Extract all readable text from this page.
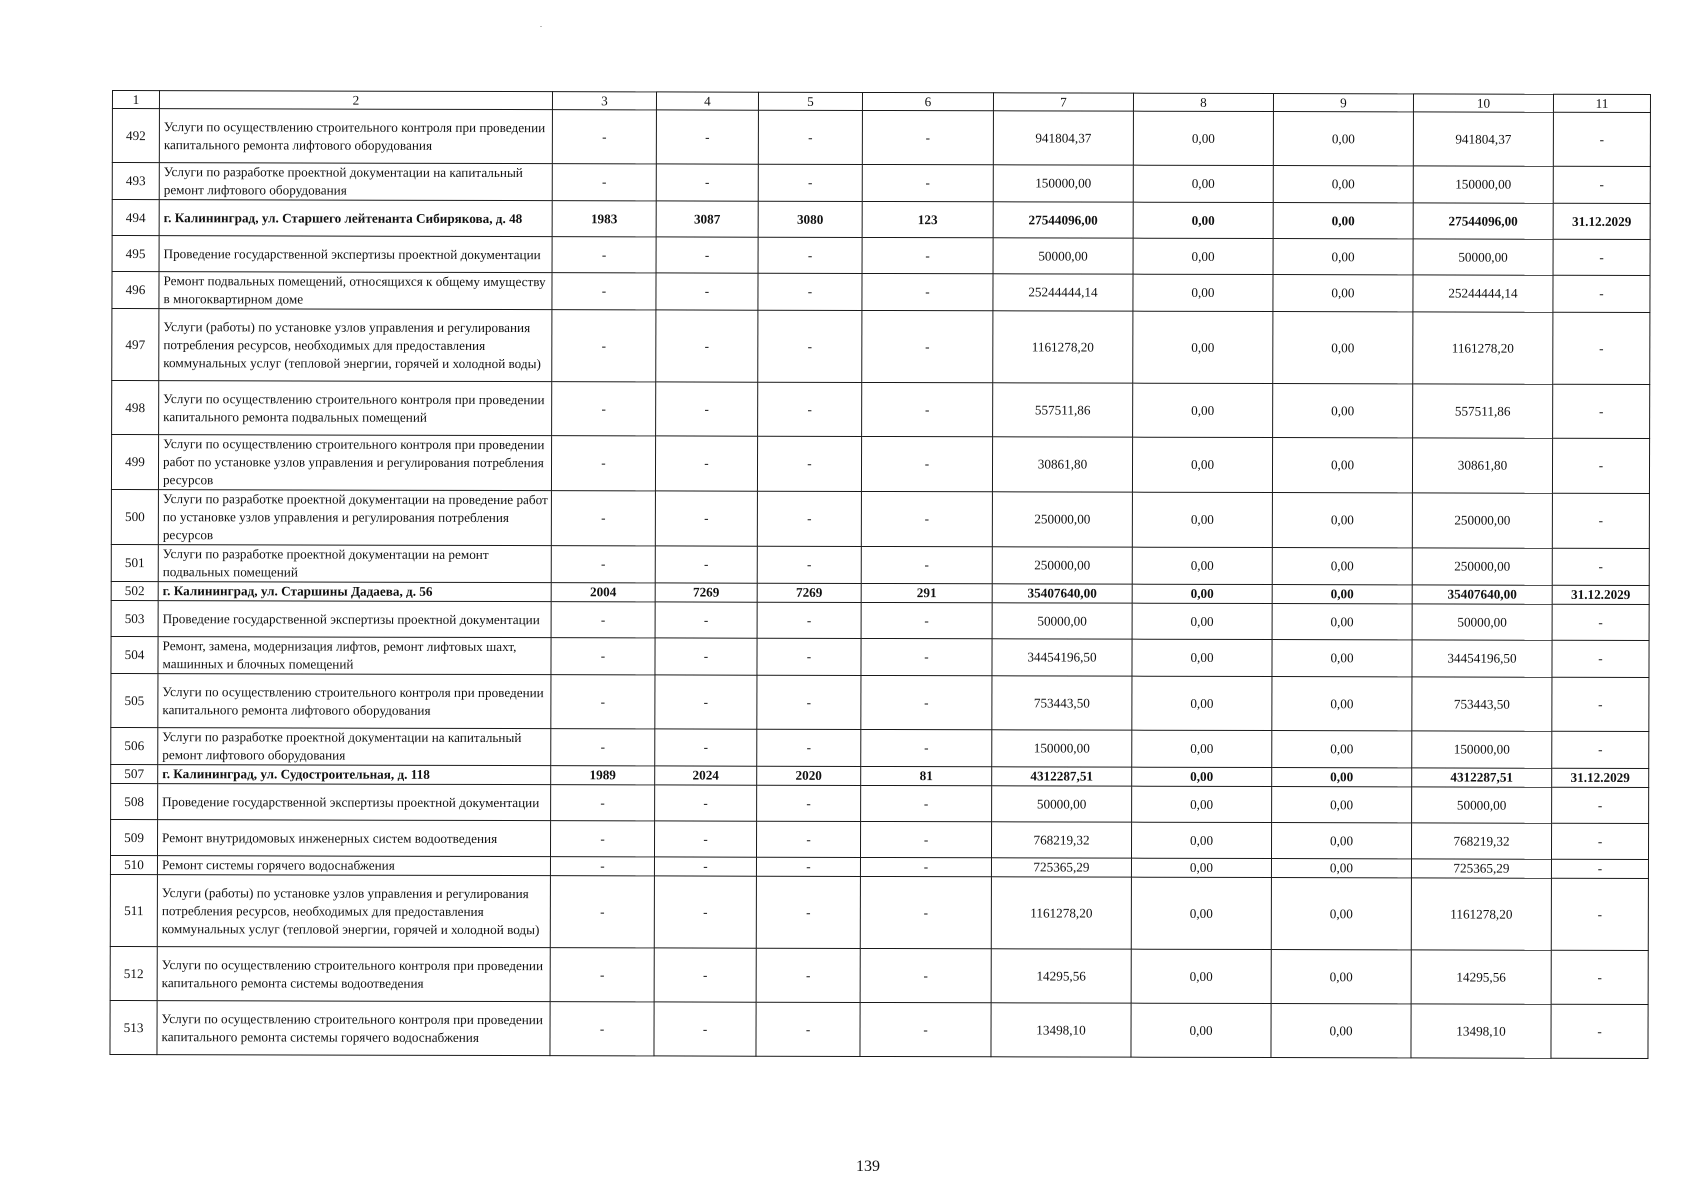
1	2	3	4	5	6	7	8	9	10	11
492	Услуги по осуществлению строительного контроля при проведении капитального ремонта лифтового оборудования	-	-	-	-	941804,37	0,00	0,00	941804,37	-
493	Услуги по разработке проектной документации на капитальный ремонт лифтового оборудования	-	-	-	-	150000,00	0,00	0,00	150000,00	-
494	г. Калининград, ул. Старшего лейтенанта Сибирякова, д. 48	1983	3087	3080	123	27544096,00	0,00	0,00	27544096,00	31.12.2029
495	Проведение государственной экспертизы проектной документации	-	-	-	-	50000,00	0,00	0,00	50000,00	-
496	Ремонт подвальных помещений, относящихся к общему имуществу в многоквартирном доме	-	-	-	-	25244444,14	0,00	0,00	25244444,14	-
497	Услуги (работы) по установке узлов управления и регулирования потребления ресурсов, необходимых для предоставления коммунальных услуг (тепловой энергии, горячей и холодной воды)	-	-	-	-	1161278,20	0,00	0,00	1161278,20	-
498	Услуги по осуществлению строительного контроля при проведении капитального ремонта подвальных помещений	-	-	-	-	557511,86	0,00	0,00	557511,86	-
499	Услуги по осуществлению строительного контроля при проведении работ по установке узлов управления и регулирования потребления ресурсов	-	-	-	-	30861,80	0,00	0,00	30861,80	-
500	Услуги по разработке проектной документации на проведение работ по установке узлов управления и регулирования потребления ресурсов	-	-	-	-	250000,00	0,00	0,00	250000,00	-
501	Услуги по разработке проектной документации на ремонт подвальных помещений	-	-	-	-	250000,00	0,00	0,00	250000,00	-
502	г. Калининград, ул. Старшины Дадаева, д. 56	2004	7269	7269	291	35407640,00	0,00	0,00	35407640,00	31.12.2029
503	Проведение государственной экспертизы проектной документации	-	-	-	-	50000,00	0,00	0,00	50000,00	-
504	Ремонт, замена, модернизация лифтов, ремонт лифтовых шахт, машинных и блочных помещений	-	-	-	-	34454196,50	0,00	0,00	34454196,50	-
505	Услуги по осуществлению строительного контроля при проведении капитального ремонта лифтового оборудования	-	-	-	-	753443,50	0,00	0,00	753443,50	-
506	Услуги по разработке проектной документации на капитальный ремонт лифтового оборудования	-	-	-	-	150000,00	0,00	0,00	150000,00	-
507	г. Калининград, ул. Судостроительная, д. 118	1989	2024	2020	81	4312287,51	0,00	0,00	4312287,51	31.12.2029
508	Проведение государственной экспертизы проектной документации	-	-	-	-	50000,00	0,00	0,00	50000,00	-
509	Ремонт внутридомовых инженерных систем водоотведения	-	-	-	-	768219,32	0,00	0,00	768219,32	-
510	Ремонт системы горячего водоснабжения	-	-	-	-	725365,29	0,00	0,00	725365,29	-
511	Услуги (работы) по установке узлов управления и регулирования потребления ресурсов, необходимых для предоставления коммунальных услуг (тепловой энергии, горячей и холодной воды)	-	-	-	-	1161278,20	0,00	0,00	1161278,20	-
512	Услуги по осуществлению строительного контроля при проведении капитального ремонта системы водоотведения	-	-	-	-	14295,56	0,00	0,00	14295,56	-
513	Услуги по осуществлению строительного контроля при проведении капитального ремонта системы горячего водоснабжения	-	-	-	-	13498,10	0,00	0,00	13498,10	-
139
